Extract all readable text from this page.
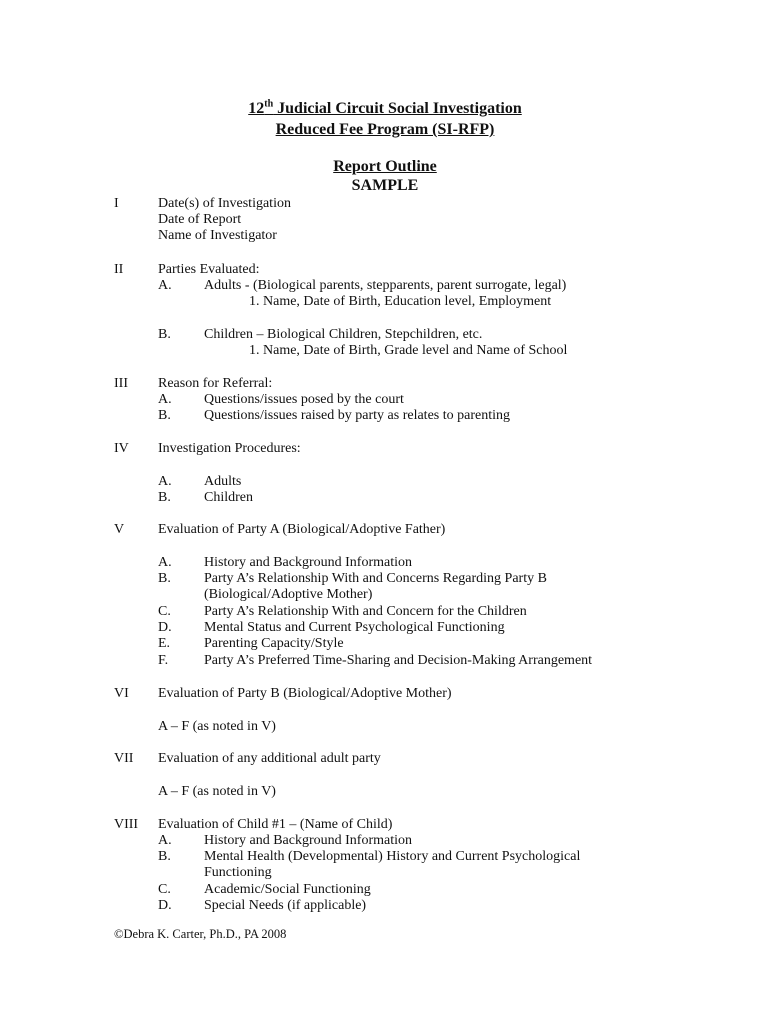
12th Judicial Circuit Social Investigation
Reduced Fee Program (SI-RFP)
Report Outline
SAMPLE
I	Date(s) of Investigation
Date of Report
Name of Investigator
II Parties Evaluated:
A. Adults - (Biological parents, stepparents, parent surrogate, legal)
1. Name, Date of Birth, Education level, Employment
B. Children – Biological Children, Stepchildren, etc.
1. Name, Date of Birth, Grade level and Name of School
III Reason for Referral:
A. Questions/issues posed by the court
B. Questions/issues raised by party as relates to parenting
IV Investigation Procedures:
A. Adults
B. Children
V Evaluation of Party A (Biological/Adoptive Father)
A. History and Background Information
B. Party A’s Relationship With and Concerns Regarding Party B
(Biological/Adoptive Mother)
C. Party A’s Relationship With and Concern for the Children
D. Mental Status and Current Psychological Functioning
E. Parenting Capacity/Style
F.	Party A’s Preferred Time-Sharing and Decision-Making Arrangement
VI Evaluation of Party B (Biological/Adoptive Mother)
A – F (as noted in V)
VII Evaluation of any additional adult party
A – F (as noted in V)
VIII Evaluation of Child #1 – (Name of Child)
A. History and Background Information
B. Mental Health (Developmental) History and Current Psychological
Functioning
C. Academic/Social Functioning
D. Special Needs (if applicable)
©Debra K. Carter, Ph.D., PA 2008
